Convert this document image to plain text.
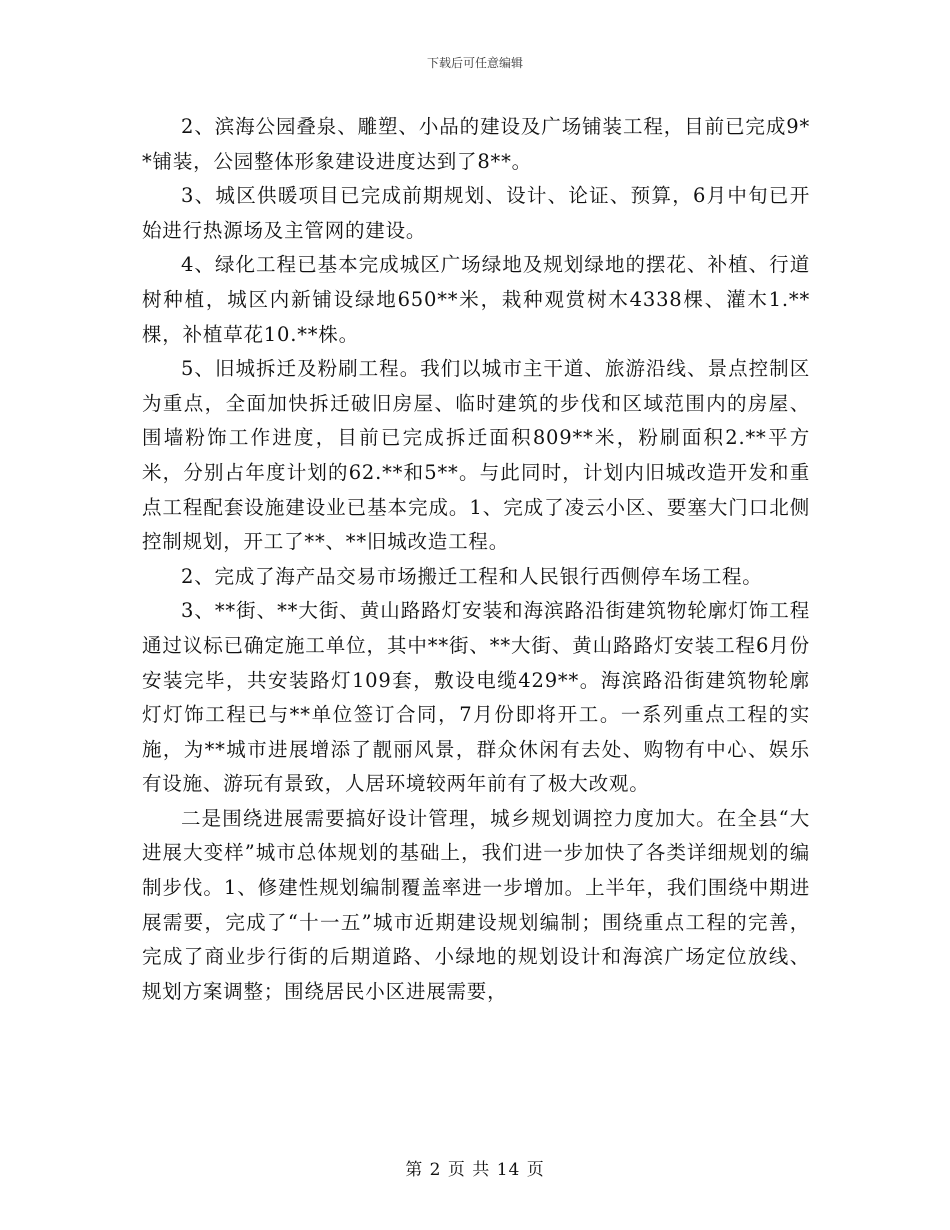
下载后可任意编辑

2、滨海公园叠泉、雕塑、小品的建设及广场铺装工程，目前已完成9**铺装，公园整体形象建设进度达到了8**。

3、城区供暖项目已完成前期规划、设计、论证、预算，6月中旬已开始进行热源场及主管网的建设。

4、绿化工程已基本完成城区广场绿地及规划绿地的摆花、补植、行道树种植，城区内新铺设绿地650**米，栽种观赏树木4338棵、灌木1.**棵，补植草花10.**株。

5、旧城拆迁及粉刷工程。我们以城市主干道、旅游沿线、景点控制区为重点，全面加快拆迁破旧房屋、临时建筑的步伐和区域范围内的房屋、围墙粉饰工作进度，目前已完成拆迁面积809**米，粉刷面积2.**平方米，分别占年度计划的62.**和5**。与此同时，计划内旧城改造开发和重点工程配套设施建设业已基本完成。1、完成了凌云小区、要塞大门口北侧控制规划，开工了**、**旧城改造工程。

2、完成了海产品交易市场搬迁工程和人民银行西侧停车场工程。

3、**街、**大街、黄山路路灯安装和海滨路沿街建筑物轮廓灯饰工程通过议标已确定施工单位，其中**街、**大街、黄山路路灯安装工程6月份安装完毕，共安装路灯109套，敷设电缆429**。海滨路沿街建筑物轮廓灯灯饰工程已与**单位签订合同，7月份即将开工。一系列重点工程的实施，为**城市进展增添了靓丽风景，群众休闲有去处、购物有中心、娱乐有设施、游玩有景致，人居环境较两年前有了极大改观。

二是围绕进展需要搞好设计管理，城乡规划调控力度加大。在全县“大进展大变样”城市总体规划的基础上，我们进一步加快了各类详细规划的编制步伐。1、修建性规划编制覆盖率进一步增加。上半年，我们围绕中期进展需要，完成了“十一五”城市近期建设规划编制；围绕重点工程的完善，完成了商业步行街的后期道路、小绿地的规划设计和海滨广场定位放线、规划方案调整；围绕居民小区进展需要，

第 2 页 共 14 页
